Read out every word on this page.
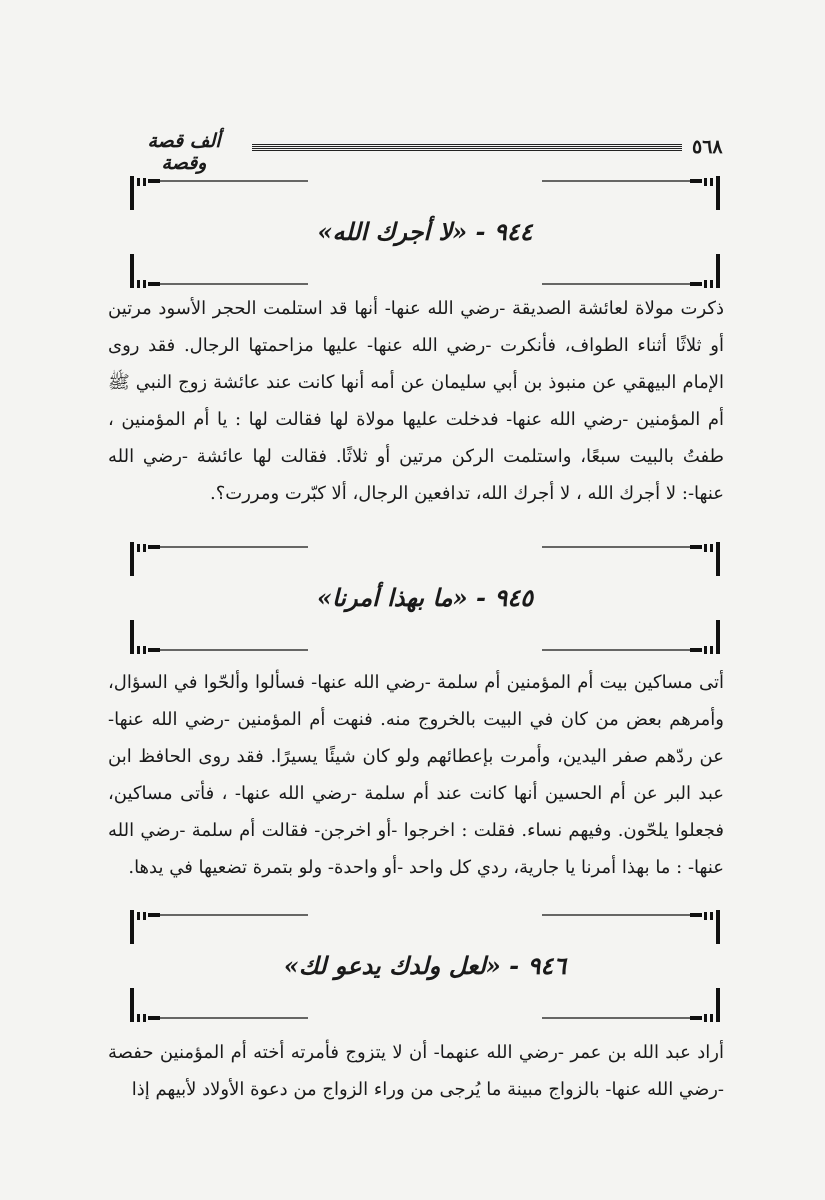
٥٦٨
ألف قصة وقصة
٩٤٤ - «لا أجرك الله»

ذكرت مولاة لعائشة الصديقة -رضي الله عنها- أنها قد استلمت الحجر الأسود مرتين أو ثلاثًا أثناء الطواف، فأنكرت -رضي الله عنها- عليها مزاحمتها الرجال. فقد روى الإمام البيهقي عن منبوذ بن أبي سليمان عن أمه أنها كانت عند عائشة زوج النبي ﷺ أم المؤمنين -رضي الله عنها- فدخلت عليها مولاة لها فقالت لها : يا أم المؤمنين ، طفتُ بالبيت سبعًا، واستلمت الركن مرتين أو ثلاثًا. فقالت لها عائشة -رضي الله عنها-: لا أجرك الله ، لا أجرك الله، تدافعين الرجال، ألا كبّرت ومررت؟.

٩٤٥ - «ما بهذا أمرنا»

أتى مساكين بيت أم المؤمنين أم سلمة -رضي الله عنها- فسألوا وألحّوا في السؤال، وأمرهم بعض من كان في البيت بالخروج منه. فنهت أم المؤمنين -رضي الله عنها- عن ردّهم صفر اليدين، وأمرت بإعطائهم ولو كان شيئًا يسيرًا. فقد روى الحافظ ابن عبد البر عن أم الحسين أنها كانت عند أم سلمة -رضي الله عنها- ، فأتى مساكين، فجعلوا يلحّون. وفيهم نساء. فقلت : اخرجوا -أو اخرجن- فقالت أم سلمة -رضي الله عنها- : ما بهذا أمرنا يا جارية، ردي كل واحد -أو واحدة- ولو بتمرة تضعيها في يدها.

٩٤٦ - «لعل ولدك يدعو لك»

أراد عبد الله بن عمر -رضي الله عنهما- أن لا يتزوج فأمرته أخته أم المؤمنين حفصة -رضي الله عنها- بالزواج مبينة ما يُرجى من وراء الزواج من دعوة الأولاد لأبيهم إذا
